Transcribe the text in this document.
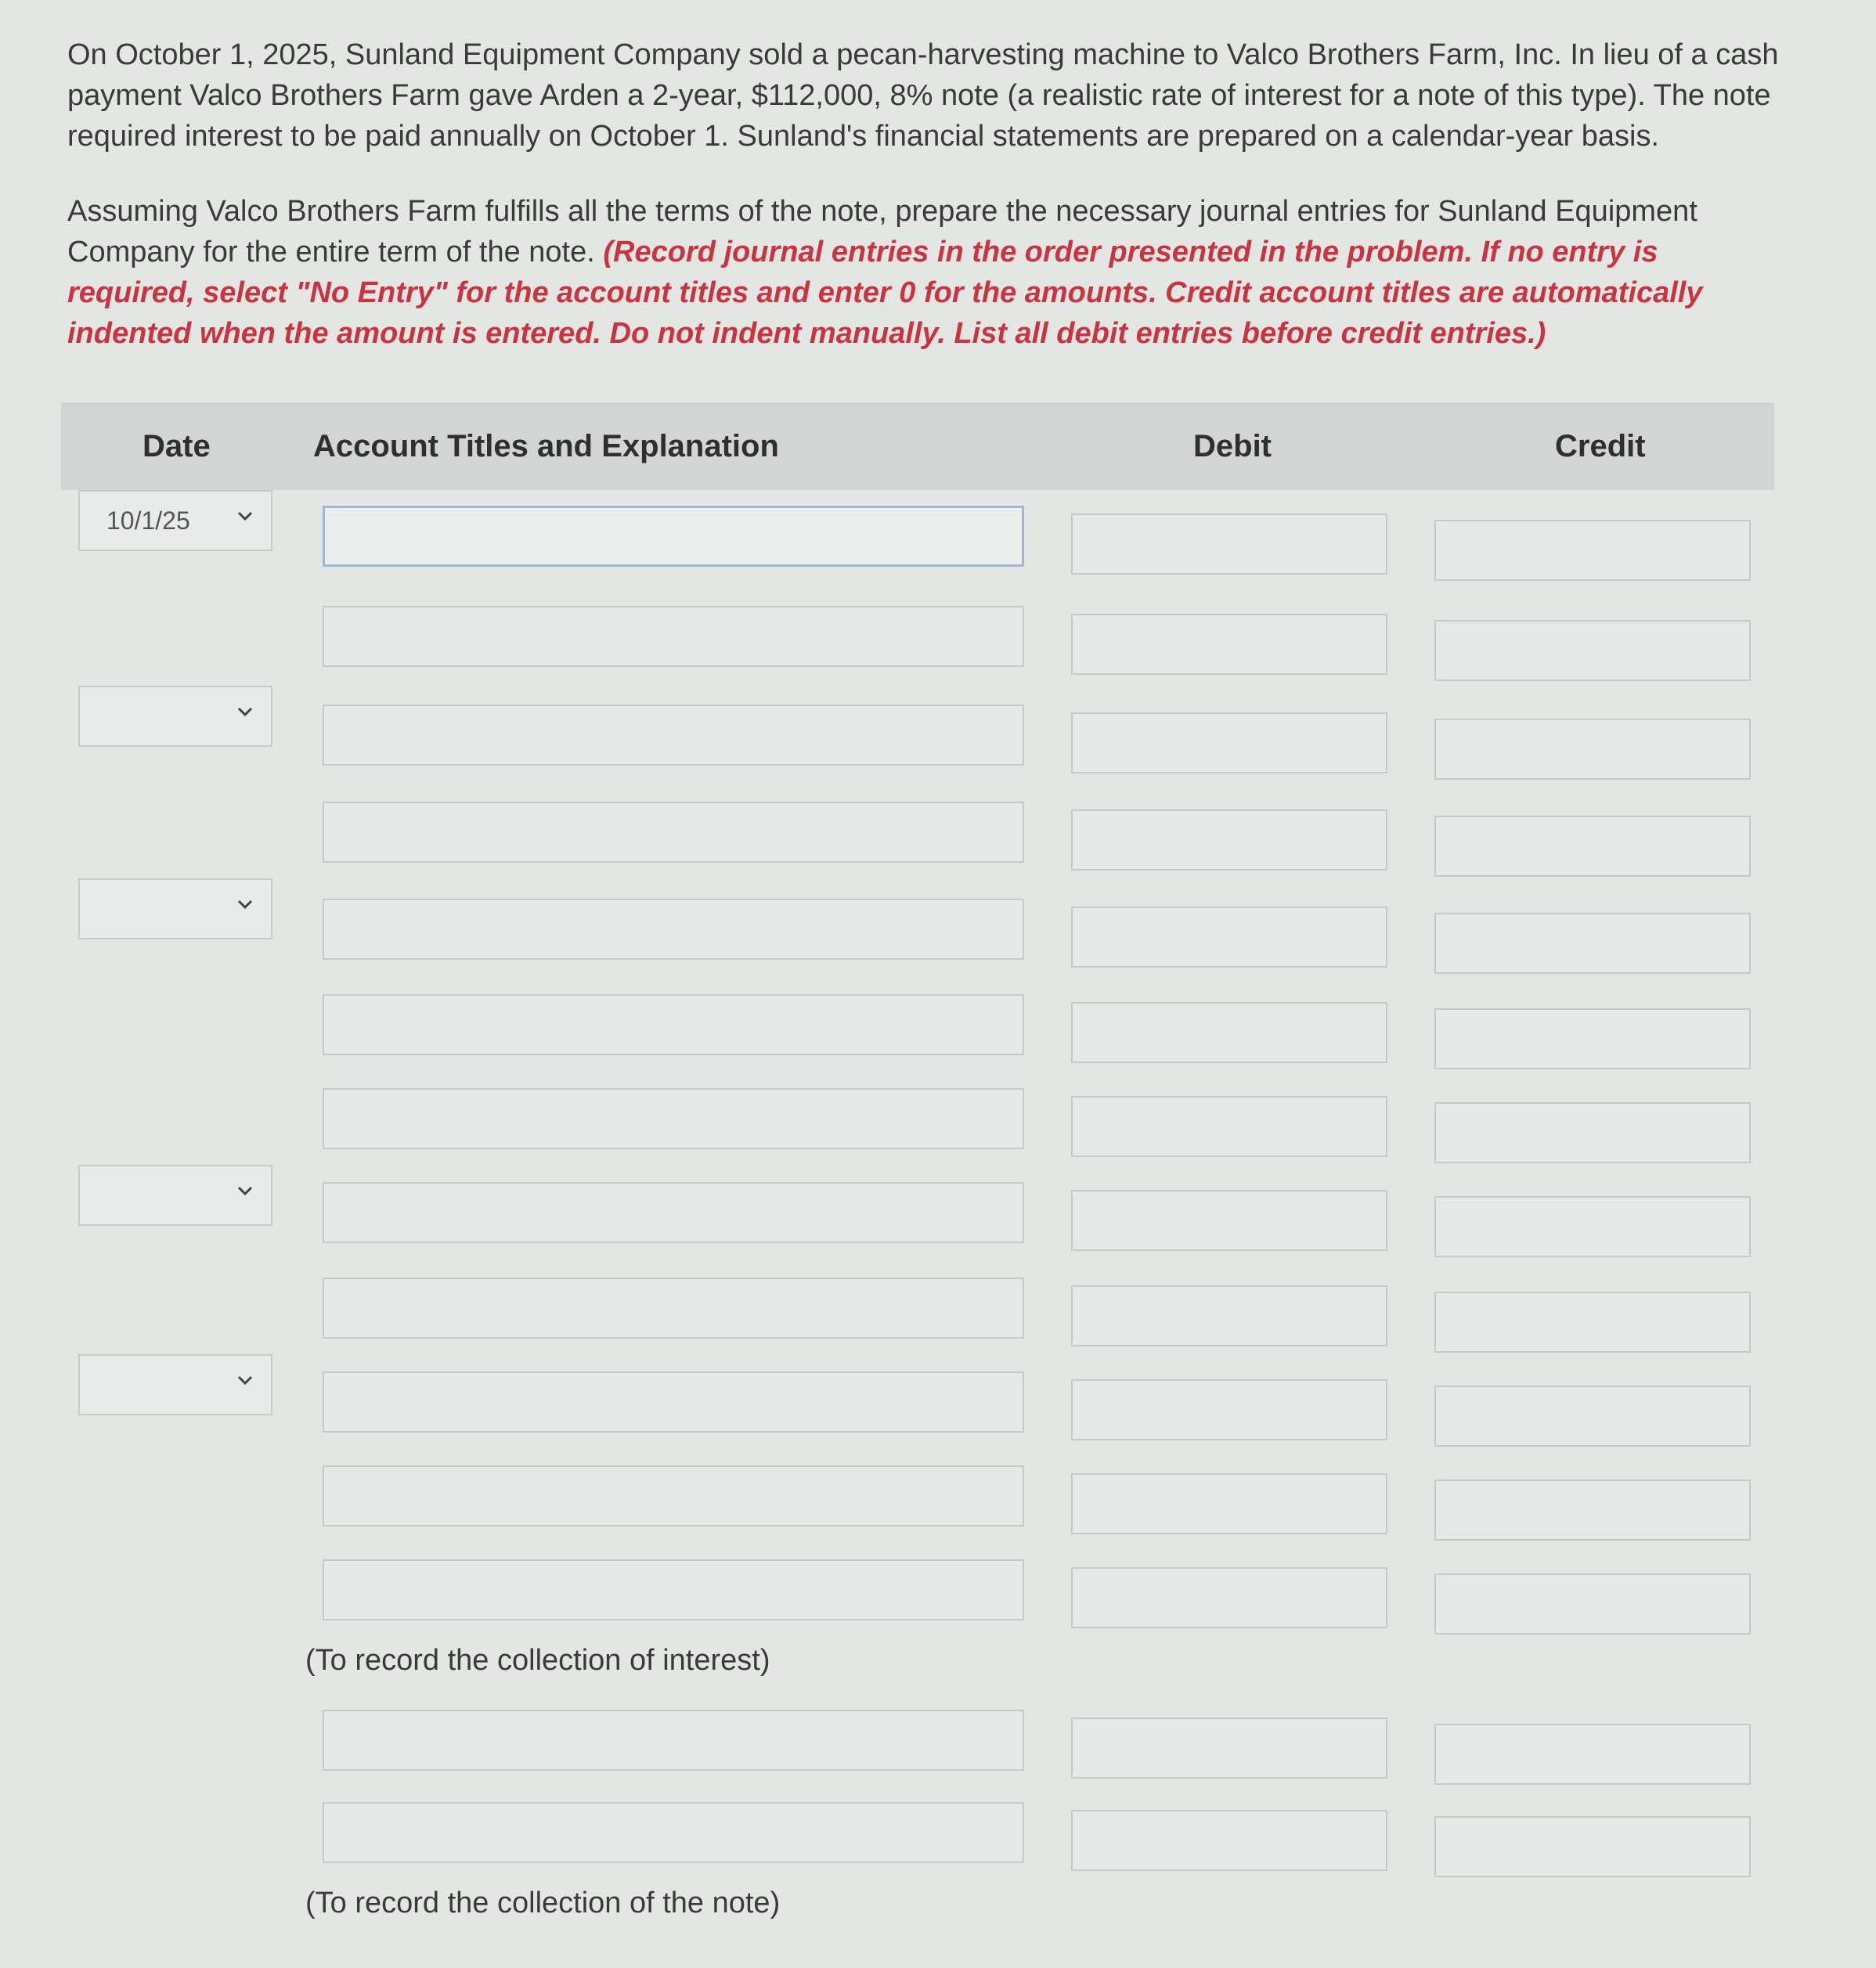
On October 1, 2025, Sunland Equipment Company sold a pecan-harvesting machine to Valco Brothers Farm, Inc. In lieu of a cash payment Valco Brothers Farm gave Arden a 2-year, $112,000, 8% note (a realistic rate of interest for a note of this type). The note required interest to be paid annually on October 1. Sunland's financial statements are prepared on a calendar-year basis.

Assuming Valco Brothers Farm fulfills all the terms of the note, prepare the necessary journal entries for Sunland Equipment Company for the entire term of the note. (Record journal entries in the order presented in the problem. If no entry is required, select "No Entry" for the account titles and enter 0 for the amounts. Credit account titles are automatically indented when the amount is entered. Do not indent manually. List all debit entries before credit entries.)

Date	Account Titles and Explanation	Debit	Credit
10/1/25
(To record the collection of interest)
(To record the collection of the note)
